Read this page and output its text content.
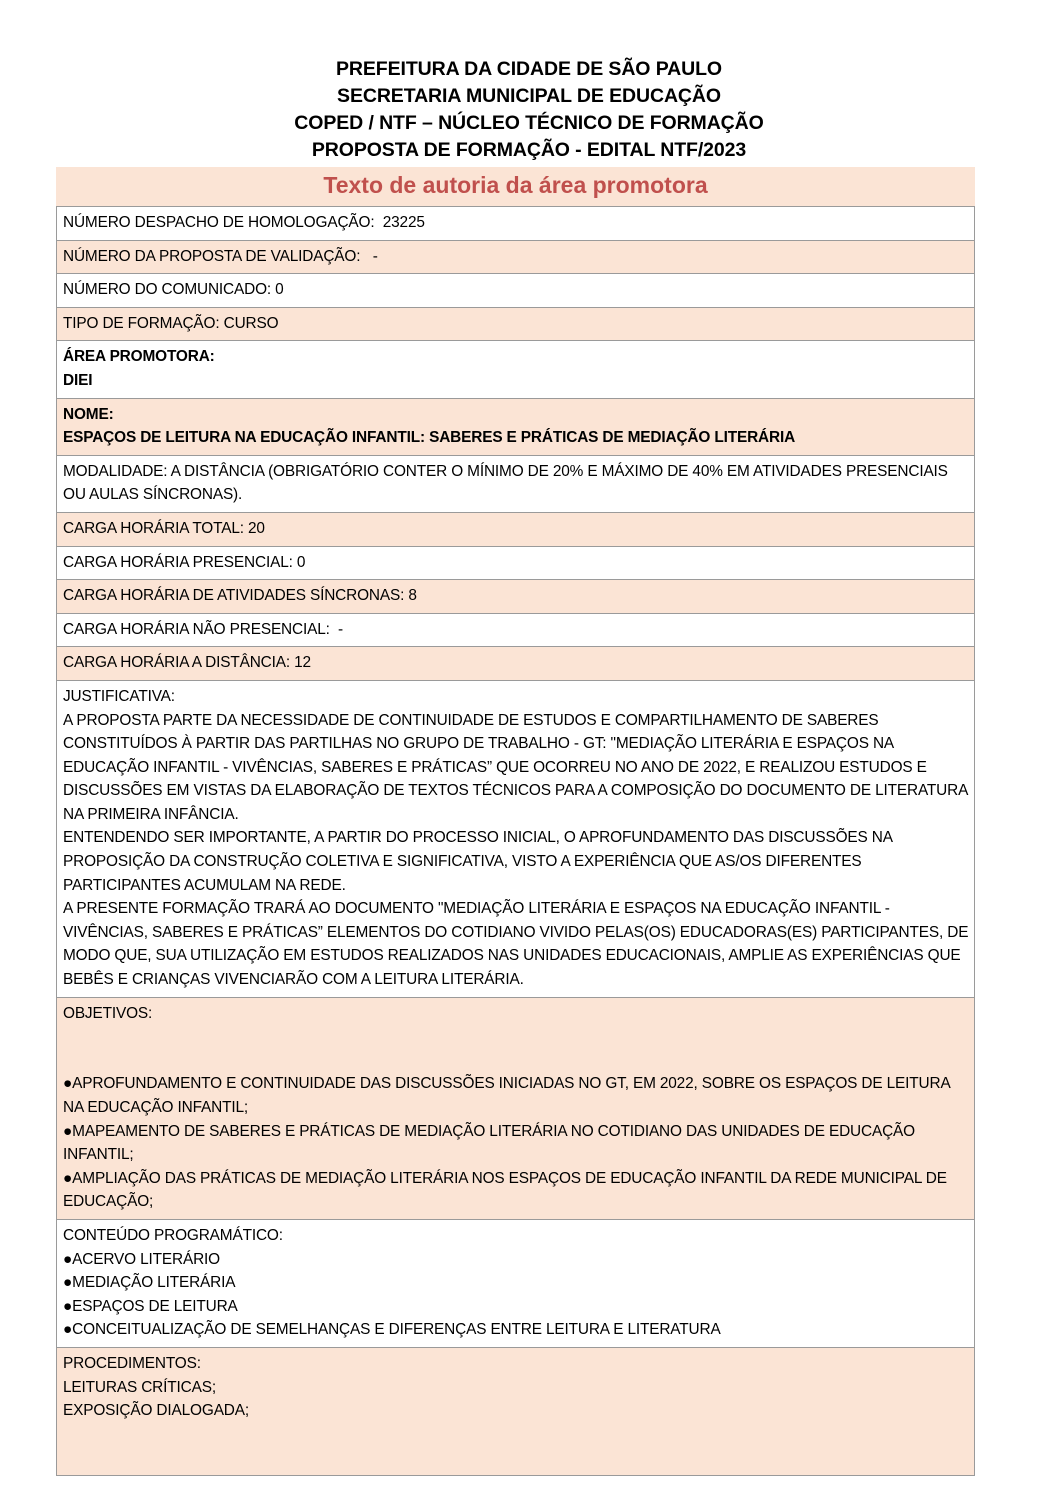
PREFEITURA DA CIDADE DE SÃO PAULO
SECRETARIA MUNICIPAL DE EDUCAÇÃO
COPED / NTF – NÚCLEO TÉCNICO DE FORMAÇÃO
PROPOSTA DE FORMAÇÃO - EDITAL NTF/2023
Texto de autoria da área promotora
NÚMERO DESPACHO DE HOMOLOGAÇÃO:  23225
NÚMERO DA PROPOSTA DE VALIDAÇÃO:   -
NÚMERO DO COMUNICADO: 0
TIPO DE FORMAÇÃO: CURSO
ÁREA PROMOTORA:
DIEI
NOME:
ESPAÇOS DE LEITURA NA EDUCAÇÃO INFANTIL: SABERES E PRÁTICAS DE MEDIAÇÃO LITERÁRIA
MODALIDADE: A DISTÂNCIA (OBRIGATÓRIO CONTER O MÍNIMO DE 20% E MÁXIMO DE 40% EM ATIVIDADES PRESENCIAIS OU AULAS SÍNCRONAS).
CARGA HORÁRIA TOTAL: 20
CARGA HORÁRIA PRESENCIAL: 0
CARGA HORÁRIA DE ATIVIDADES SÍNCRONAS: 8
CARGA HORÁRIA NÃO PRESENCIAL:  -
CARGA HORÁRIA A DISTÂNCIA: 12
JUSTIFICATIVA:
A PROPOSTA PARTE DA NECESSIDADE DE CONTINUIDADE DE ESTUDOS E COMPARTILHAMENTO DE SABERES CONSTITUÍDOS À PARTIR DAS PARTILHAS NO GRUPO DE TRABALHO - GT: "MEDIAÇÃO LITERÁRIA E ESPAÇOS NA EDUCAÇÃO INFANTIL - VIVÊNCIAS, SABERES E PRÁTICAS” QUE OCORREU NO ANO DE 2022, E REALIZOU ESTUDOS E DISCUSSÕES EM VISTAS DA ELABORAÇÃO DE TEXTOS TÉCNICOS PARA A COMPOSIÇÃO DO DOCUMENTO DE LITERATURA NA PRIMEIRA INFÂNCIA.
ENTENDENDO SER IMPORTANTE, A PARTIR DO PROCESSO INICIAL, O APROFUNDAMENTO DAS DISCUSSÕES NA PROPOSIÇÃO DA CONSTRUÇÃO COLETIVA E SIGNIFICATIVA, VISTO A EXPERIÊNCIA QUE AS/OS DIFERENTES PARTICIPANTES ACUMULAM NA REDE.
A PRESENTE FORMAÇÃO TRARÁ AO DOCUMENTO "MEDIAÇÃO LITERÁRIA E ESPAÇOS NA EDUCAÇÃO INFANTIL - VIVÊNCIAS, SABERES E PRÁTICAS” ELEMENTOS DO COTIDIANO VIVIDO PELAS(OS) EDUCADORAS(ES) PARTICIPANTES, DE MODO QUE, SUA UTILIZAÇÃO EM ESTUDOS REALIZADOS NAS UNIDADES EDUCACIONAIS, AMPLIE AS EXPERIÊNCIAS QUE BEBÊS E CRIANÇAS VIVENCIARÃO COM A LEITURA LITERÁRIA.
OBJETIVOS:
●APROFUNDAMENTO E CONTINUIDADE DAS DISCUSSÕES INICIADAS NO GT, EM 2022, SOBRE OS ESPAÇOS DE LEITURA NA EDUCAÇÃO INFANTIL;
●MAPEAMENTO DE SABERES E PRÁTICAS DE MEDIAÇÃO LITERÁRIA NO COTIDIANO DAS UNIDADES DE EDUCAÇÃO INFANTIL;
●AMPLIAÇÃO DAS PRÁTICAS DE MEDIAÇÃO LITERÁRIA NOS ESPAÇOS DE EDUCAÇÃO INFANTIL DA REDE MUNICIPAL DE EDUCAÇÃO;
CONTEÚDO PROGRAMÁTICO:
●ACERVO LITERÁRIO
●MEDIAÇÃO LITERÁRIA
●ESPAÇOS DE LEITURA
●CONCEITUALIZAÇÃO DE SEMELHANÇAS E DIFERENÇAS ENTRE LEITURA E LITERATURA
PROCEDIMENTOS:
LEITURAS CRÍTICAS;
EXPOSIÇÃO DIALOGADA;
